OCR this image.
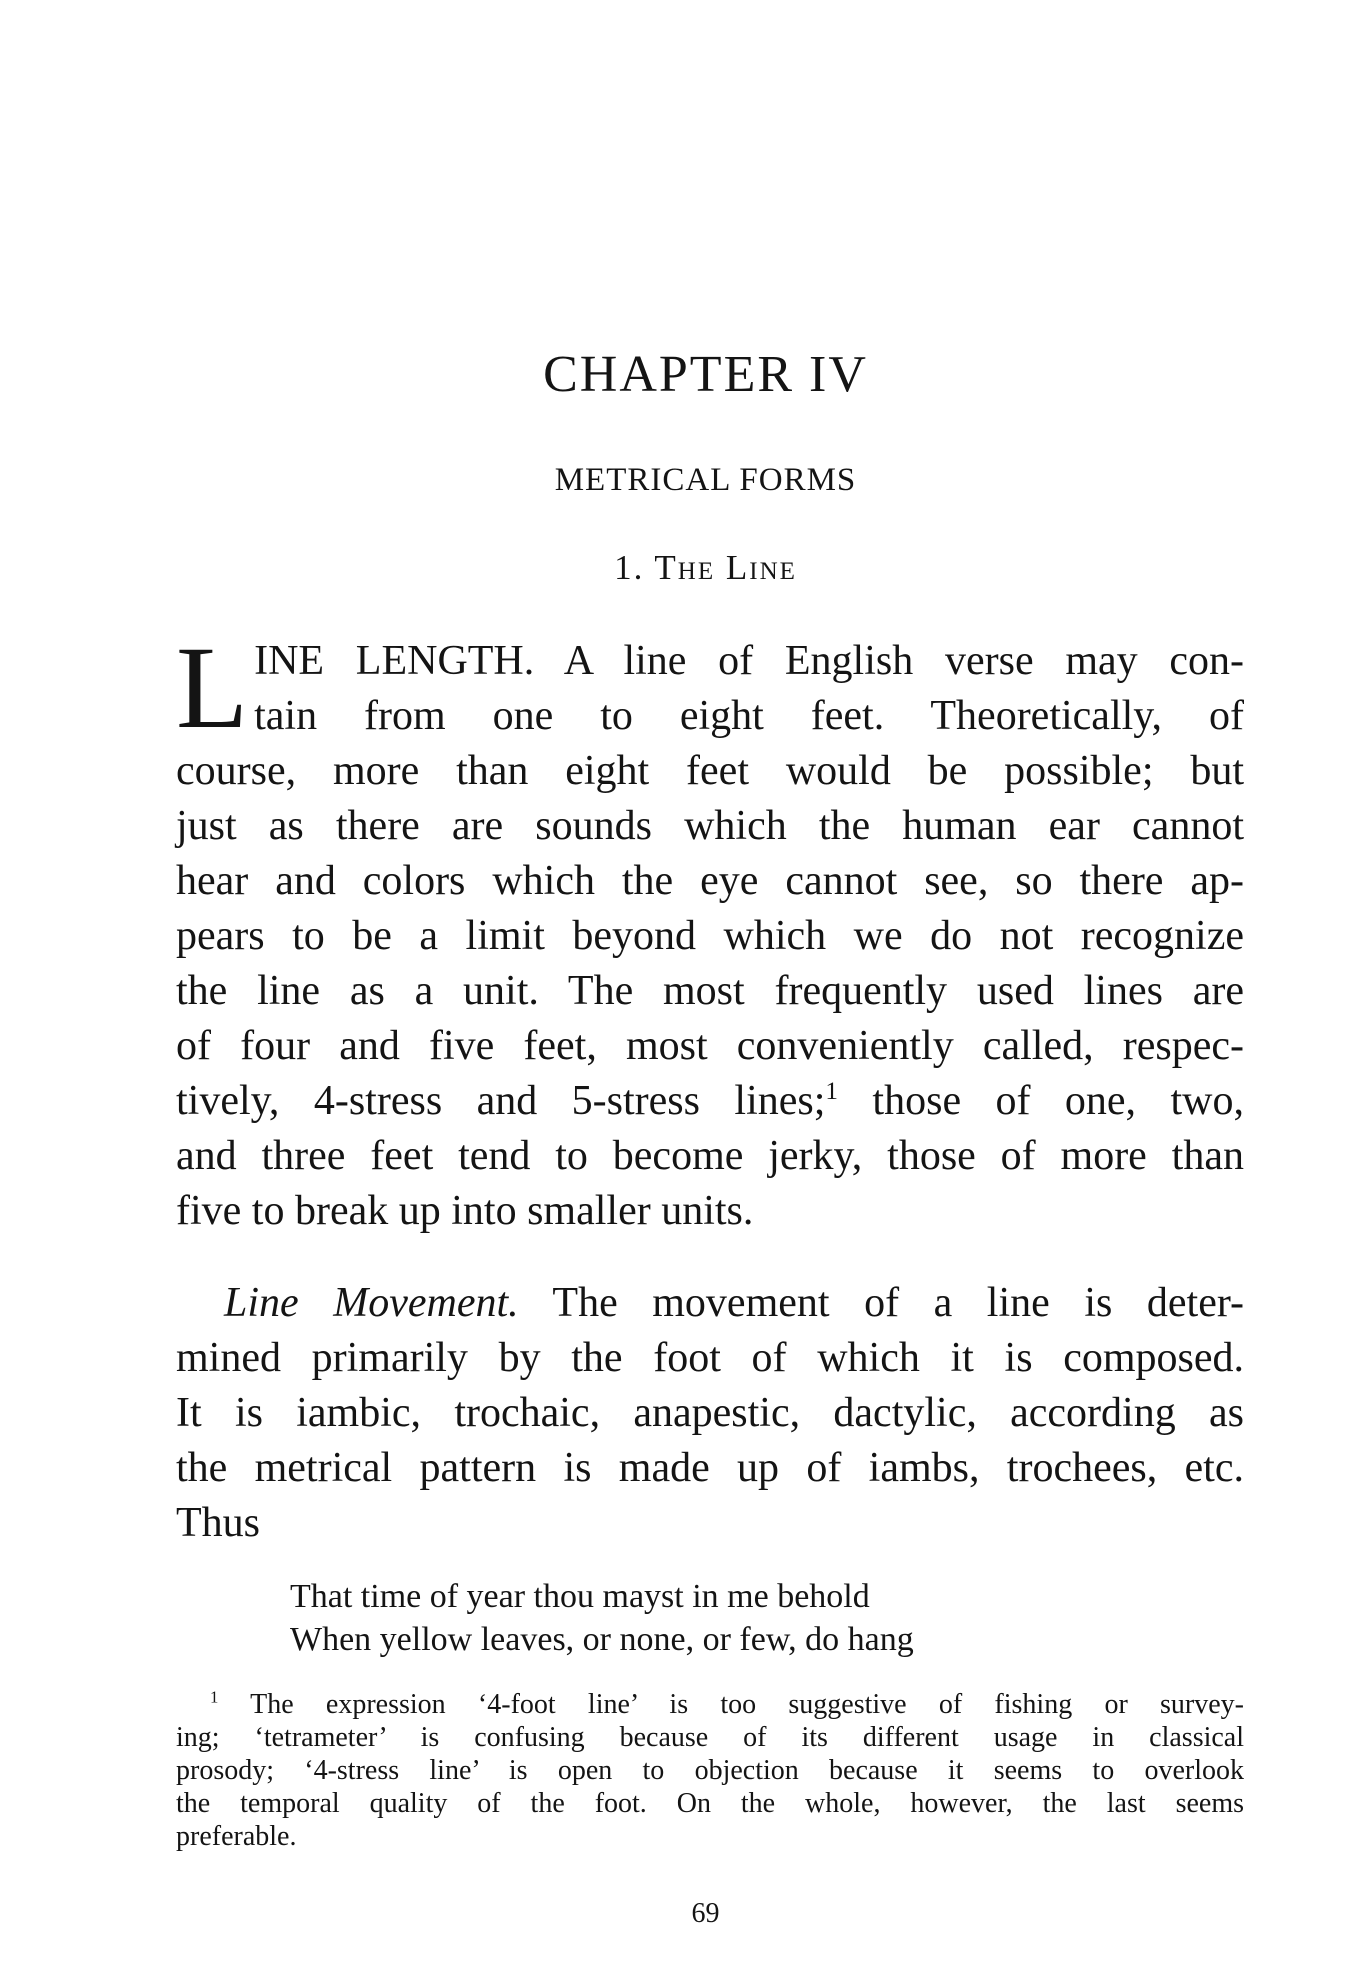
CHAPTER IV
METRICAL FORMS
1. The Line
L INE LENGTH. A line of English verse may con-
tain from one to eight feet. Theoretically, of
course, more than eight feet would be possible; but
just as there are sounds which the human ear cannot
hear and colors which the eye cannot see, so there ap-
pears to be a limit beyond which we do not recognize
the line as a unit. The most frequently used lines are
of four and five feet, most conveniently called, respec-
tively, 4-stress and 5-stress lines;$^1$ those of one, two,
and three feet tend to become jerky, those of more than
five to break up into smaller units.
Line Movement. The movement of a line is deter-
mined primarily by the foot of which it is composed.
It is iambic, trochaic, anapestic, dactylic, according as
the metrical pattern is made up of iambs, trochees, etc.
Thus
That time of year thou mayst in me behold
When yellow leaves, or none, or few, do hang
$^1$ The expression ‘4-foot line’ is too suggestive of fishing or survey-
ing; ‘tetrameter’ is confusing because of its different usage in classical
prosody; ‘4-stress line’ is open to objection because it seems to overlook
the temporal quality of the foot. On the whole, however, the last seems
preferable.
69
